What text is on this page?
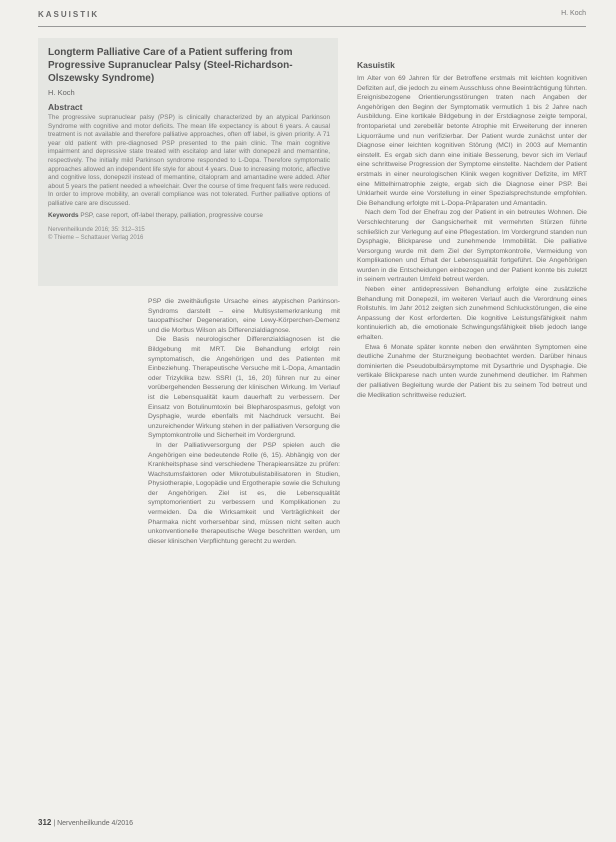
KASUISTIK	H. Koch
Longterm Palliative Care of a Patient suffering from Progressive Supranuclear Palsy (Steel-Richardson-Olszewsky Syndrome)
H. Koch
Abstract
The progressive supranuclear palsy (PSP) is clinically characterized by an atypical Parkinson Syndrome with cognitive and motor deficits. The mean life expectancy is about 6 years. A causal treatment is not available and therefore palliative approaches, often off label, is given priority. A 71 year old patient with pre-diagnosed PSP presented to the pain clinic. The main cognitive impairment and depressive state treated with escitalop and later with donepezil and memantine, respectively. The initially mild Parkinson syndrome responded to L-Dopa. Therefore symptomatic approaches allowed an independent life style for about 4 years. Due to increasing motoric, affective and cognitive loss, donepezil instead of memantine, citalopram and amantadine were added. After about 5 years the patient needed a wheelchair. Over the course of time frequent falls were reduced. In order to improve mobility, an overall compliance was not tolerated. Further palliative options of palliative care are discussed.
Keywords PSP, case report, off-label therapy, palliation, progressive course
Nervenheilkunde 2016; 35: 312–315
© Thieme – Schattauer Verlag 2016
Kasuistik

Im Alter von 69 Jahren für der Betroffene erstmals mit leichten kognitiven Defiziten auf, die jedoch zu einem Ausschluss ohne Beeinträchtigung führten. Ereignisbezogene Orientierungsstörungen traten nach Angaben der Angehörigen den Beginn der Symptomatik vermutlich 1 bis 2 Jahre nach Ausbildung. Eine kortikale Bildgebung in der Erstdiagnose zeigte temporal, frontoparietal und zerebellär betonte Atrophie mit Erweiterung der inneren Liquorräume und nun verifizierbar. Der Patient wurde zunächst unter der Diagnose einer leichten kognitiven Störung (MCI) in 2003 auf Memantin einstellt. Es ergab sich dann eine initiale Besserung, bevor sich im Verlauf eine schrittweise Progression der Symptome einstellte. Nachdem der Patient erstmals in einer neurologischen Klinik wegen kognitiver Defizite, im MRT eine Mittelhirnatrophie zeigte, ergab sich die Diagnose einer PSP. Bei Unklarheit wurde eine Vorstellung in einer Spezialsprechstunde empfohlen. Die Behandlung erfolgte mit L-Dopa-Präparaten und Amantadin.

Nach dem Tod der Ehefrau zog der Patient in ein betreutes Wohnen. Die Verschlechterung der Gangsicherheit mit vermehrten Stürzen führte schließlich zur Verlegung auf eine Pflegestation. Im Vordergrund standen nun Dysphagie, Blickparese und zunehmende Immobilität. Die palliative Versorgung wurde mit dem Ziel der Symptomkontrolle, Vermeidung von Komplikationen und Erhalt der Lebensqualität fortgeführt. Die Angehörigen wurden in die Entscheidungen einbezogen und der Patient konnte bis zuletzt in seinem vertrauten Umfeld betreut werden.

Neben einer antidepressiven Behandlung erfolgte eine zusätzliche Behandlung mit Donepezil, im weiteren Verlauf auch die Verordnung eines Rollstuhls. Im Jahr 2012 zeigten sich zunehmend Schluckstörungen, die eine Anpassung der Kost erforderten. Die kognitive Leistungsfähigkeit nahm kontinuierlich ab, die emotionale Schwingungsfähigkeit blieb jedoch lange erhalten.

Etwa 6 Monate später konnte neben den erwähnten Symptomen eine deutliche Zunahme der Sturzneigung beobachtet werden. Darüber hinaus dominierten die Pseudobulbärsymptome mit Dysarthrie und Dysphagie. Die vertikale Blickparese nach unten wurde zunehmend deutlicher. Im Rahmen der palliativen Begleitung wurde der Patient bis zu seinem Tod betreut und die Medikation schrittweise reduziert.

PSP die zweithäufigste Ursache eines atypischen Parkinson-Syndroms darstellt – eine Multisystemerkrankung mit tauopathischer Degeneration, eine Lewy-Körperchen-Demenz und die Morbus Wilson als Differenzialdiagnose.

Die Basis neurologischer Differenzialdiagnosen ist die Bildgebung mit MRT. Die Behandlung erfolgt rein symptomatisch, die Angehörigen und des Patienten mit Einbeziehung. Therapeutische Versuche mit L-Dopa, Amantadin oder Trizyklika bzw. SSRI (1, 16, 20) führen nur zu einer vorübergehenden Besserung der klinischen Wirkung. Im Verlauf ist die Lebensqualität kaum dauerhaft zu verbessern. Der Einsatz von Botulinumtoxin bei Blepharospasmus, gefolgt von Dysphagie, wurde ebenfalls mit Nachdruck versucht. Bei unzureichender Wirkung stehen in der palliativen Versorgung die Symptomkontrolle und Sicherheit im Vordergrund.

In der Palliativversorgung der PSP spielen auch die Angehörigen eine bedeutende Rolle (6, 15). Abhängig von der Krankheitsphase sind verschiedene Therapieansätze zu prüfen: Wachstumsfaktoren oder Mikrotubulistabilisatoren in Studien, Physiotherapie, Logopädie und Ergotherapie sowie die Schulung der Angehörigen. Ziel ist es, die Lebensqualität symptomorientiert zu verbessern und Komplikationen zu vermeiden. Da die Wirksamkeit und Verträglichkeit der Pharmaka nicht vorhersehbar sind, müssen nicht selten auch unkonventionelle therapeutische Wege beschritten werden, um dieser klinischen Verpflichtung gerecht zu werden.

312 | Nervenheilkunde 4/2016
